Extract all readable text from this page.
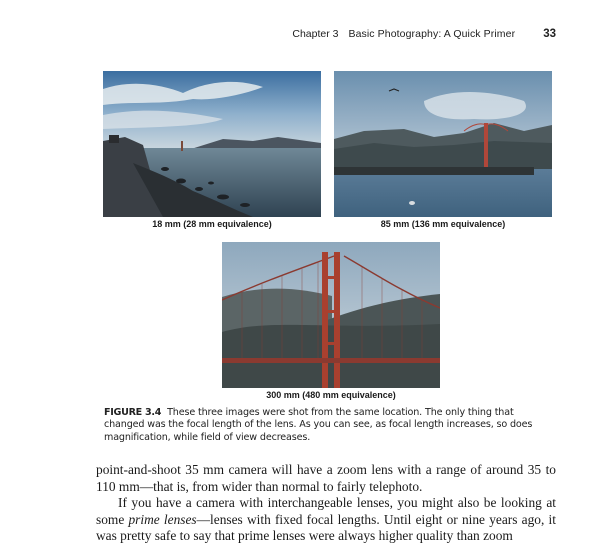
Chapter 3 Basic Photography: A Quick Primer 33
18 mm (28 mm equivalence)	85 mm (136 mm equivalence)
300 mm (480 mm equivalence)
FIGURE 3.4 These three images were shot from the same location. The only thing that changed was the focal length of the lens. As you can see, as focal length increases, so does magnification, while field of view decreases.

point-and-shoot 35 mm camera will have a zoom lens with a range of around 35 to 110 mm—that is, from wider than normal to fairly telephoto.

If you have a camera with interchangeable lenses, you might also be looking at some prime lenses—lenses with fixed focal lengths. Until eight or nine years ago, it was pretty safe to say that prime lenses were always higher quality than zoom
